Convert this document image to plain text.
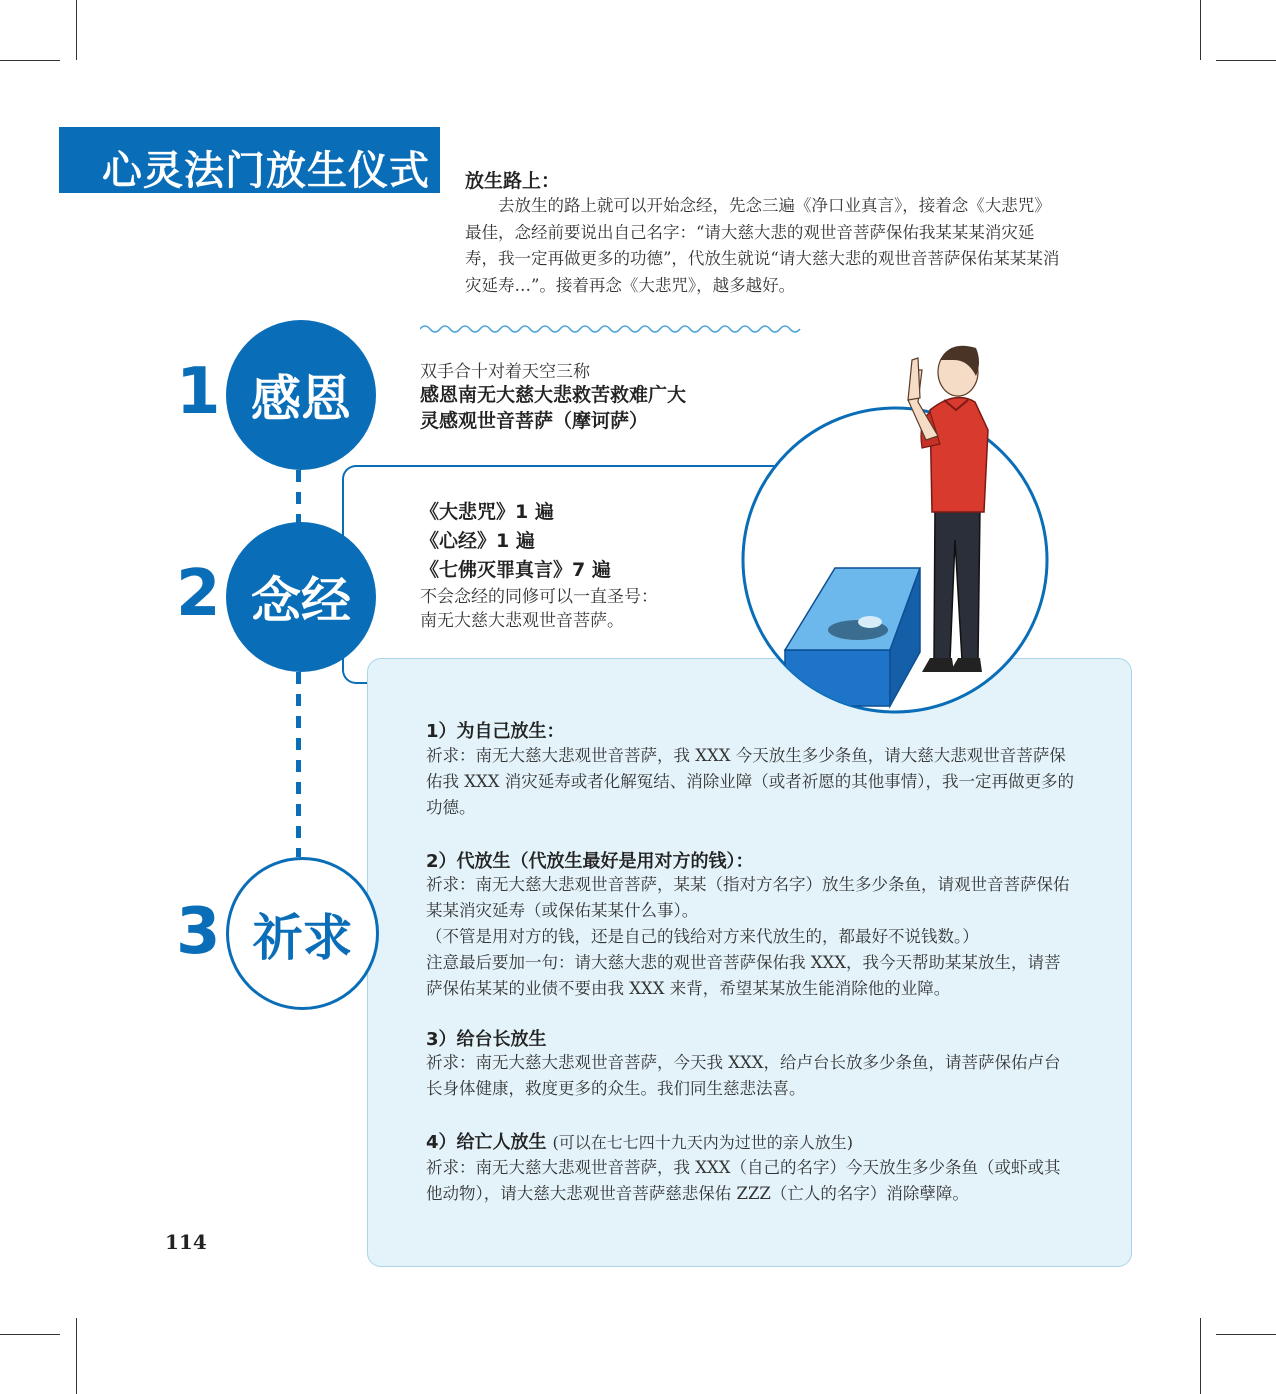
心灵法门放生仪式 放生路上：
去放生的路上就可以开始念经，先念三遍《净口业真言》，接着念《大悲咒》最佳，念经前要说出自己名字：“请大慈大悲的观世音菩萨保佑我某某某消灾延寿，我一定再做更多的功德”，代放生就说“请大慈大悲的观世音菩萨保佑某某某消灾延寿…”。接着再念《大悲咒》，越多越好。
1 感恩	双手合十对着天空三称
感恩南无大慈大悲救苦救难广大
灵感观世音菩萨（摩诃萨）
2 念经
《大悲咒》1 遍
《心经》1 遍
《七佛灭罪真言》7 遍
不会念经的同修可以一直圣号：
南无大慈大悲观世音菩萨。
3 祈求
1）为自己放生：
祈求：南无大慈大悲观世音菩萨，我 XXX 今天放生多少条鱼，请大慈大悲观世音菩萨保佑我 XXX 消灾延寿或者化解冤结、消除业障（或者祈愿的其他事情），我一定再做更多的功德。
2）代放生（代放生最好是用对方的钱）：
祈求：南无大慈大悲观世音菩萨，某某（指对方名字）放生多少条鱼，请观世音菩萨保佑某某消灾延寿（或保佑某某什么事）。
（不管是用对方的钱，还是自己的钱给对方来代放生的，都最好不说钱数。）
注意最后要加一句：请大慈大悲的观世音菩萨保佑我 XXX，我今天帮助某某放生，请菩萨保佑某某的业债不要由我 XXX 来背，希望某某放生能消除他的业障。
3）给台长放生
祈求：南无大慈大悲观世音菩萨，今天我 XXX，给卢台长放多少条鱼，请菩萨保佑卢台长身体健康，救度更多的众生。我们同生慈悲法喜。
4）给亡人放生 (可以在七七四十九天内为过世的亲人放生)
祈求：南无大慈大悲观世音菩萨，我 XXX（自己的名字）今天放生多少条鱼（或虾或其他动物），请大慈大悲观世音菩萨慈悲保佑 ZZZ（亡人的名字）消除孽障。
114
